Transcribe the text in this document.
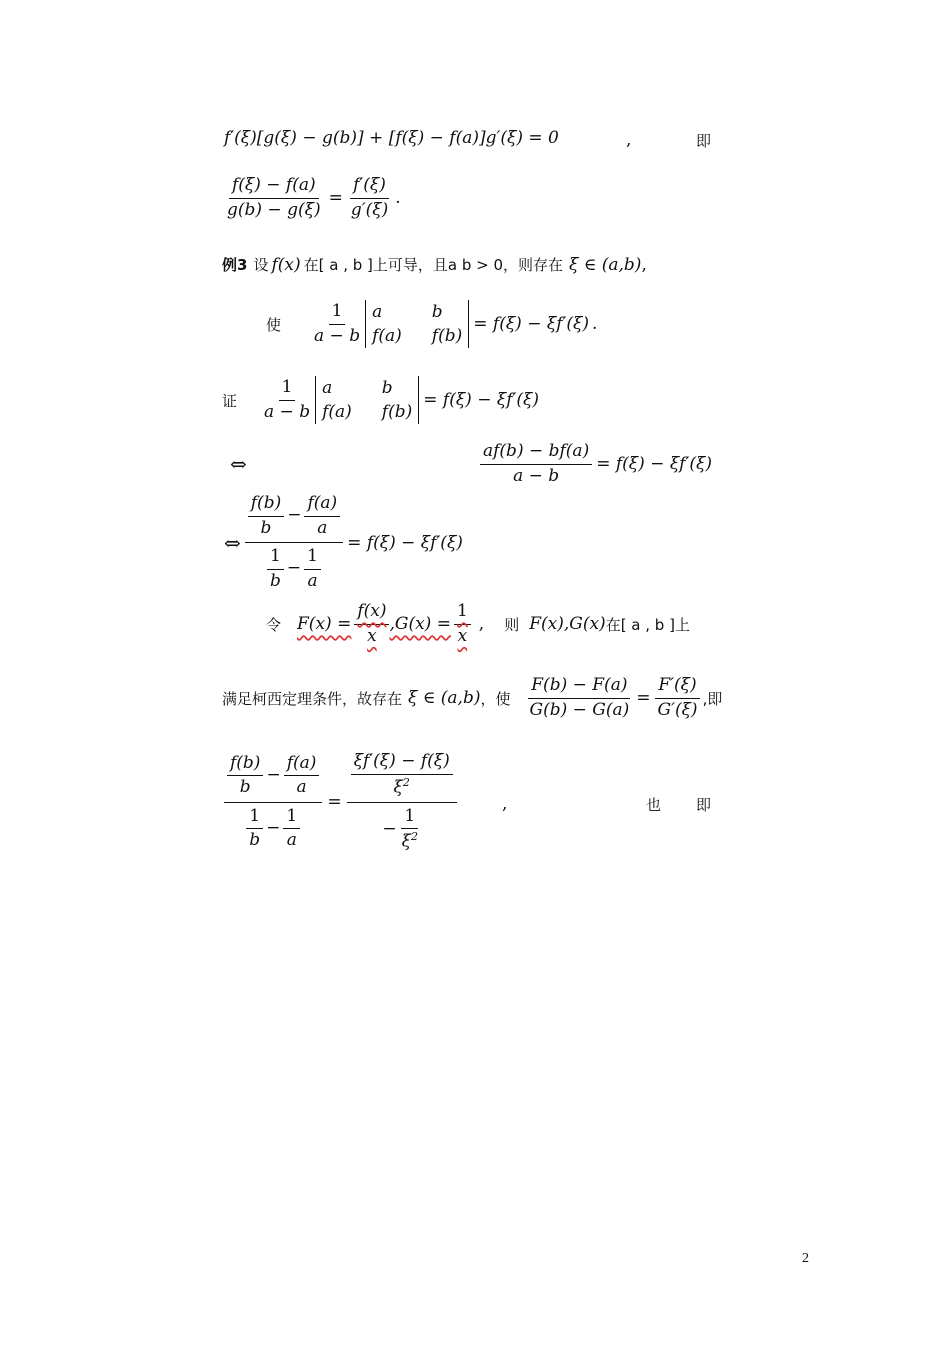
f′(ξ)[g(ξ) − g(b)] + [f(ξ) − f(a)]g′(ξ) = 0	,	即
$\frac{f(\xi) - f(a)}{g(b) - g(\xi)} = \frac{f'(\xi)}{g'(\xi)}$ .
例3 设 f(x) 在[ a , b ]上可导，且a b > 0，则存在 ξ ∈ (a,b) ,
使	$\frac{1}{a - b}$ a	b
f(a) f(b)
= f(ξ) − ξf′(ξ) .
证	$\frac{1}{a - b}$ a	b
f(a) f(b)
= f(ξ) − ξf′(ξ)
⇔	$\frac{af(b) - bf(a)}{a - b} = f(\xi) - \xi f'(\xi)$
⇔ $\frac{\frac{f(b)}{b} - \frac{f(a)}{a}}{\frac{1}{b} - \frac{1}{a}} = f(\xi) - \xi f'(\xi)$
令 $F(x) = \frac{f(x)}{x} ,G(x) = \frac{1}{x}$ ,	则 F(x),G(x) 在[ a , b ]上
满足柯西定理条件，故存在 ξ ∈ (a,b) ，使 $\frac{F(b) - F(a)}{G(b) - G(a)} = \frac{F'(\xi)}{G'(\xi)}$ ,即
$\frac{\frac{f(b)}{b} - \frac{f(a)}{a}}{\frac{1}{b} - \frac{1}{a}} = \frac{\frac{\xi f'(\xi) - f(\xi)}{\xi^2}}{- \frac{1}{\xi^2}}$	,	也 即
2
